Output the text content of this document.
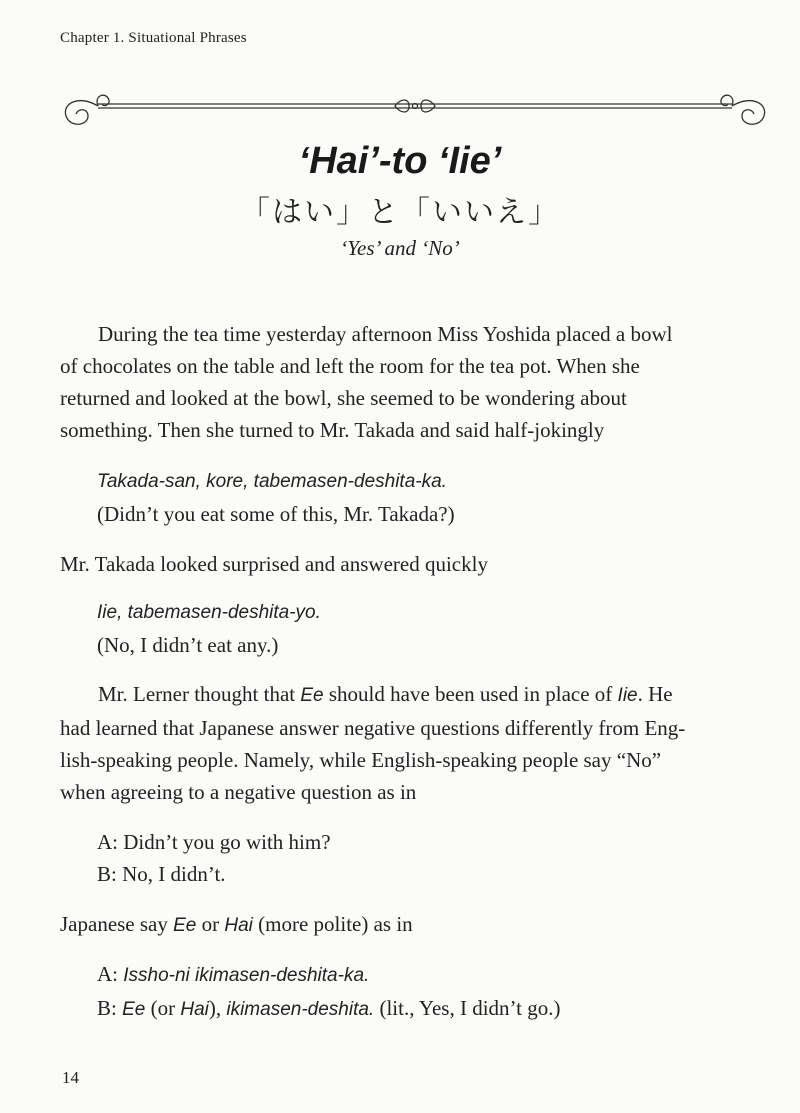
Chapter 1. Situational Phrases
‘Hai’-to ‘Iie’
「はい」と「いいえ」
‘Yes’ and ‘No’
During the tea time yesterday afternoon Miss Yoshida placed a bowl
of chocolates on the table and left the room for the tea pot. When she
returned and looked at the bowl, she seemed to be wondering about
something. Then she turned to Mr. Takada and said half-jokingly
Takada-san, kore, tabemasen-deshita-ka.
(Didn’t you eat some of this, Mr. Takada?)
Mr. Takada looked surprised and answered quickly
Iie, tabemasen-deshita-yo.
(No, I didn’t eat any.)
Mr. Lerner thought that Ee should have been used in place of Iie. He
had learned that Japanese answer negative questions differently from Eng-
lish-speaking people. Namely, while English-speaking people say “No”
when agreeing to a negative question as in
A: Didn’t you go with him?
B: No, I didn’t.
Japanese say Ee or Hai (more polite) as in
A: Issho-ni ikimasen-deshita-ka.
B: Ee (or Hai), ikimasen-deshita. (lit., Yes, I didn’t go.)
14
